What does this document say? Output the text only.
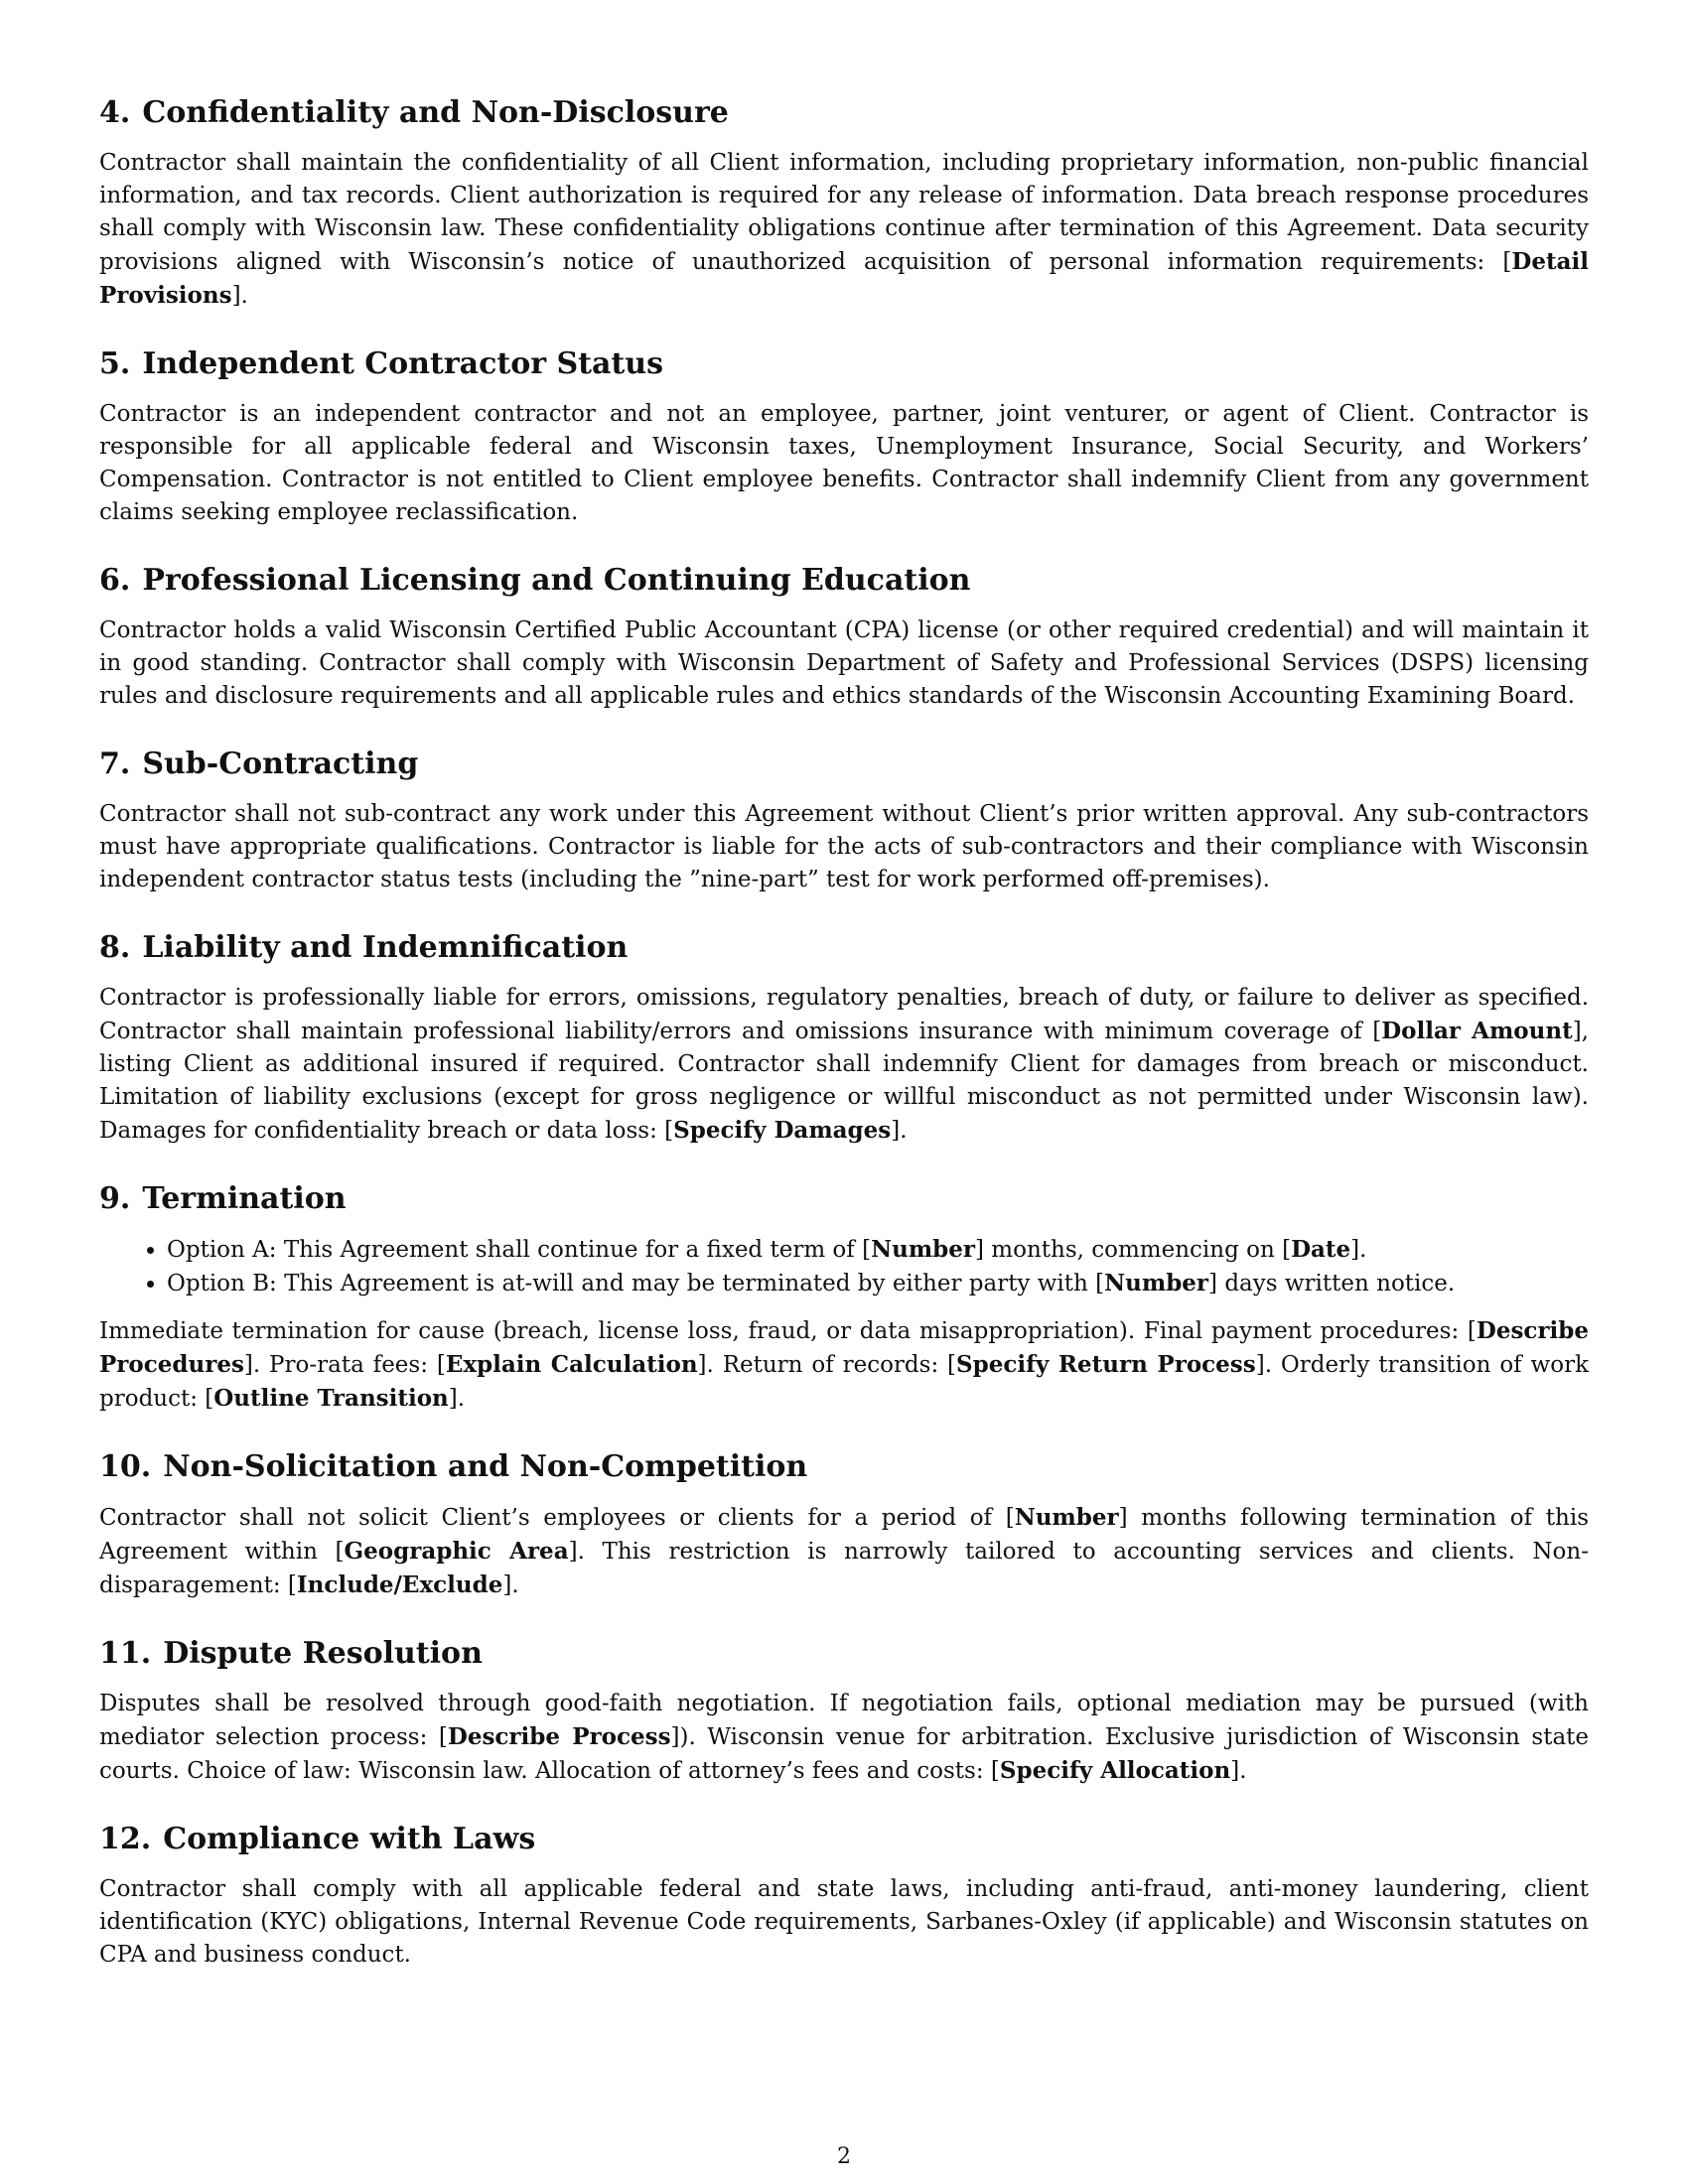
4. Confidentiality and Non-Disclosure

Contractor shall maintain the confidentiality of all Client information, including proprietary information, non-public financial information, and tax records. Client authorization is required for any release of information. Data breach response procedures shall comply with Wisconsin law. These confidentiality obligations continue after termination of this Agreement. Data security provisions aligned with Wisconsin’s notice of unauthorized acquisition of personal information requirements: [Detail Provisions].

5. Independent Contractor Status

Contractor is an independent contractor and not an employee, partner, joint venturer, or agent of Client. Contractor is responsible for all applicable federal and Wisconsin taxes, Unemployment Insurance, Social Security, and Workers’ Compensation. Contractor is not entitled to Client employee benefits. Contractor shall indemnify Client from any government claims seeking employee reclassification.

6. Professional Licensing and Continuing Education

Contractor holds a valid Wisconsin Certified Public Accountant (CPA) license (or other required credential) and will maintain it in good standing. Contractor shall comply with Wisconsin Department of Safety and Professional Services (DSPS) licensing rules and disclosure requirements and all applicable rules and ethics standards of the Wisconsin Accounting Examining Board.

7. Sub-Contracting

Contractor shall not sub-contract any work under this Agreement without Client’s prior written approval. Any sub-contractors must have appropriate qualifications. Contractor is liable for the acts of sub-contractors and their compliance with Wisconsin independent contractor status tests (including the ”nine-part” test for work performed off-premises).

8. Liability and Indemnification

Contractor is professionally liable for errors, omissions, regulatory penalties, breach of duty, or failure to deliver as specified. Contractor shall maintain professional liability/errors and omissions insurance with minimum coverage of [Dollar Amount], listing Client as additional insured if required. Contractor shall indemnify Client for damages from breach or misconduct. Limitation of liability exclusions (except for gross negligence or willful misconduct as not permitted under Wisconsin law). Damages for confidentiality breach or data loss: [Specify Damages].

9. Termination
• Option A: This Agreement shall continue for a fixed term of [Number] months, commencing on [Date].
• Option B: This Agreement is at-will and may be terminated by either party with [Number] days written notice.

Immediate termination for cause (breach, license loss, fraud, or data misappropriation). Final payment procedures: [Describe Procedures]. Pro-rata fees: [Explain Calculation]. Return of records: [Specify Return Process]. Orderly transition of work product: [Outline Transition].

10. Non-Solicitation and Non-Competition

Contractor shall not solicit Client’s employees or clients for a period of [Number] months following termination of this Agreement within [Geographic Area]. This restriction is narrowly tailored to accounting services and clients. Non-disparagement: [Include/Exclude].

11. Dispute Resolution

Disputes shall be resolved through good-faith negotiation. If negotiation fails, optional mediation may be pursued (with mediator selection process: [Describe Process]). Wisconsin venue for arbitration. Exclusive jurisdiction of Wisconsin state courts. Choice of law: Wisconsin law. Allocation of attorney’s fees and costs: [Specify Allocation].

12. Compliance with Laws

Contractor shall comply with all applicable federal and state laws, including anti-fraud, anti-money laundering, client identification (KYC) obligations, Internal Revenue Code requirements, Sarbanes-Oxley (if applicable) and Wisconsin statutes on CPA and business conduct.

2
